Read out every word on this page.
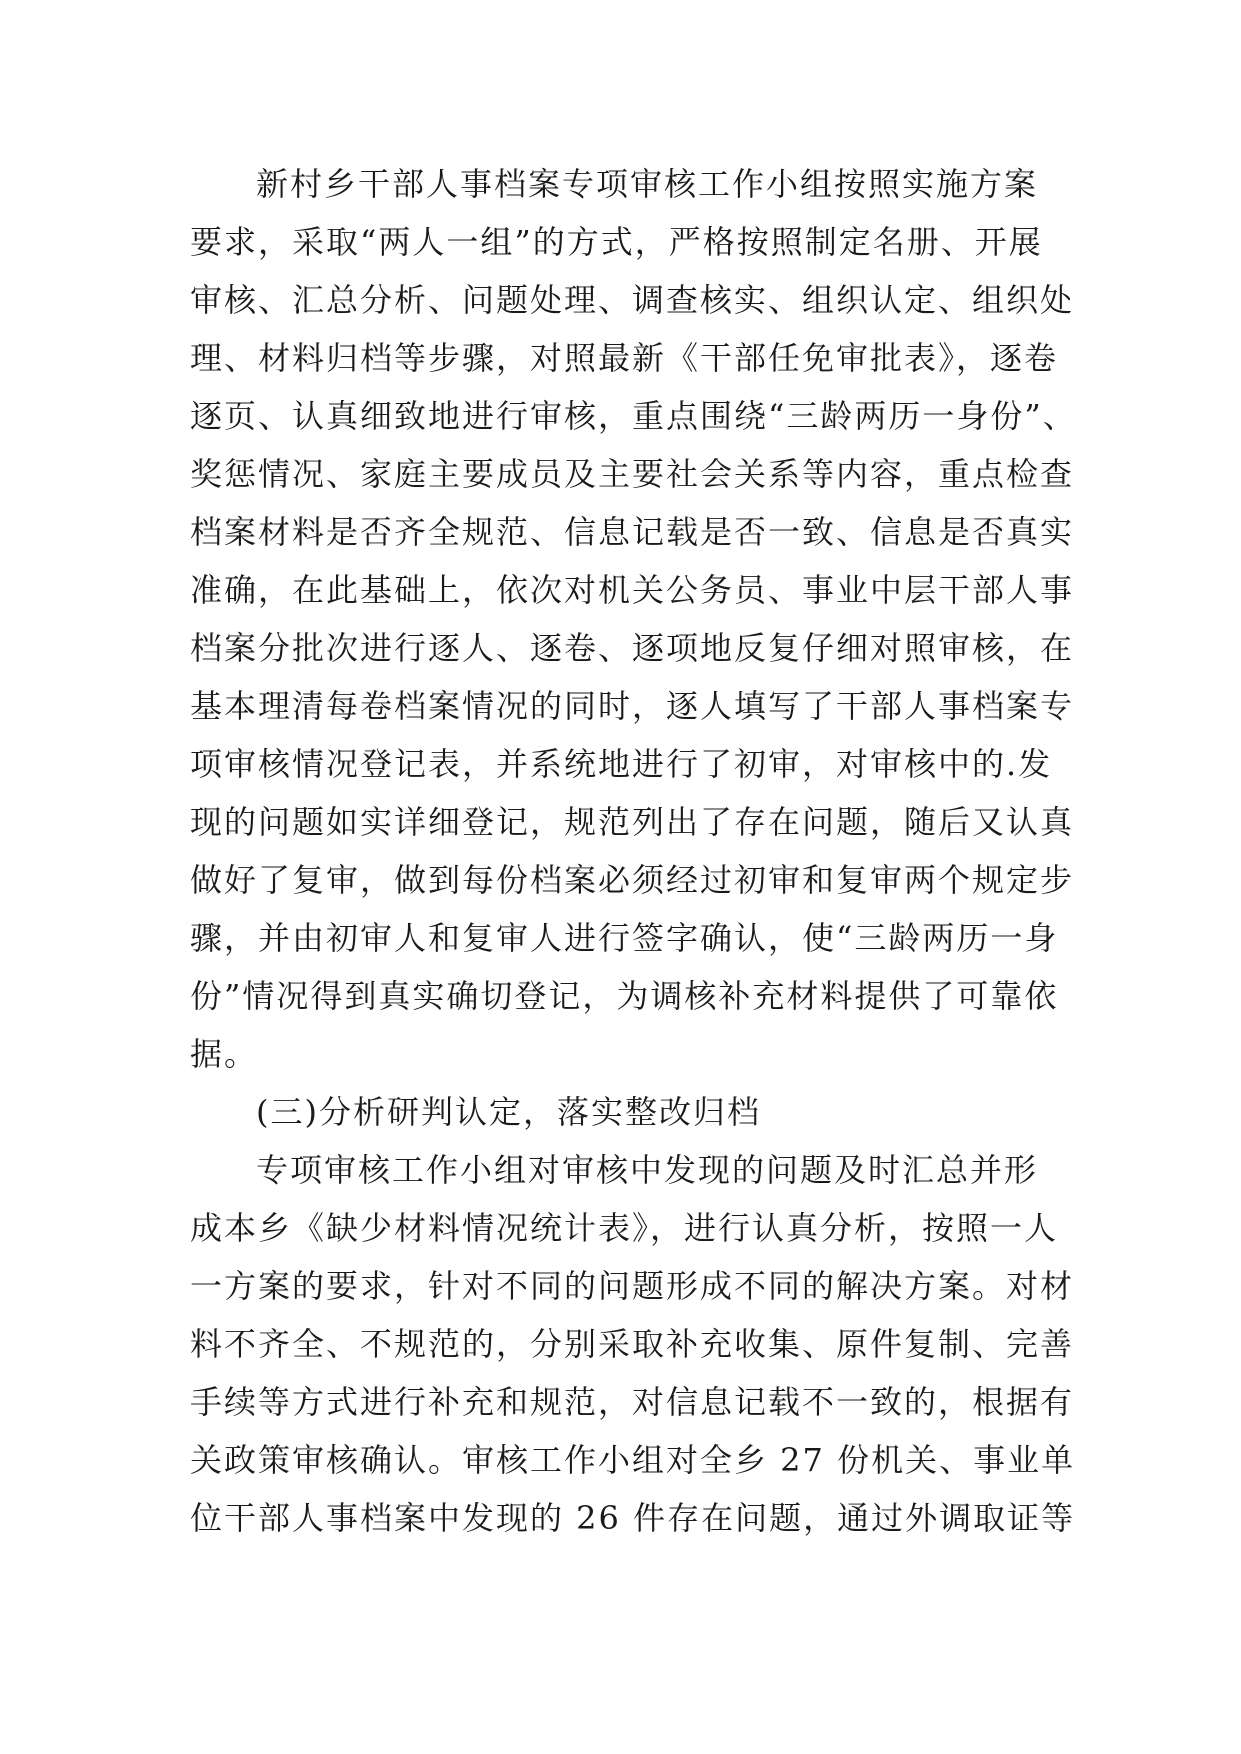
新村乡干部人事档案专项审核工作小组按照实施方案
要求，采取“两人一组”的方式，严格按照制定名册、开展
审核、汇总分析、问题处理、调查核实、组织认定、组织处
理、材料归档等步骤，对照最新《干部任免审批表》，逐卷
逐页、认真细致地进行审核，重点围绕“三龄两历一身份”、
奖惩情况、家庭主要成员及主要社会关系等内容，重点检查
档案材料是否齐全规范、信息记载是否一致、信息是否真实
准确，在此基础上，依次对机关公务员、事业中层干部人事
档案分批次进行逐人、逐卷、逐项地反复仔细对照审核，在
基本理清每卷档案情况的同时，逐人填写了干部人事档案专
项审核情况登记表，并系统地进行了初审，对审核中的.发
现的问题如实详细登记，规范列出了存在问题，随后又认真
做好了复审，做到每份档案必须经过初审和复审两个规定步
骤，并由初审人和复审人进行签字确认，使“三龄两历一身
份”情况得到真实确切登记，为调核补充材料提供了可靠依
据。
(三)分析研判认定，落实整改归档
专项审核工作小组对审核中发现的问题及时汇总并形
成本乡《缺少材料情况统计表》，进行认真分析，按照一人
一方案的要求，针对不同的问题形成不同的解决方案。对材
料不齐全、不规范的，分别采取补充收集、原件复制、完善
手续等方式进行补充和规范，对信息记载不一致的，根据有
关政策审核确认。审核工作小组对全乡 27 份机关、事业单
位干部人事档案中发现的 26 件存在问题，通过外调取证等
